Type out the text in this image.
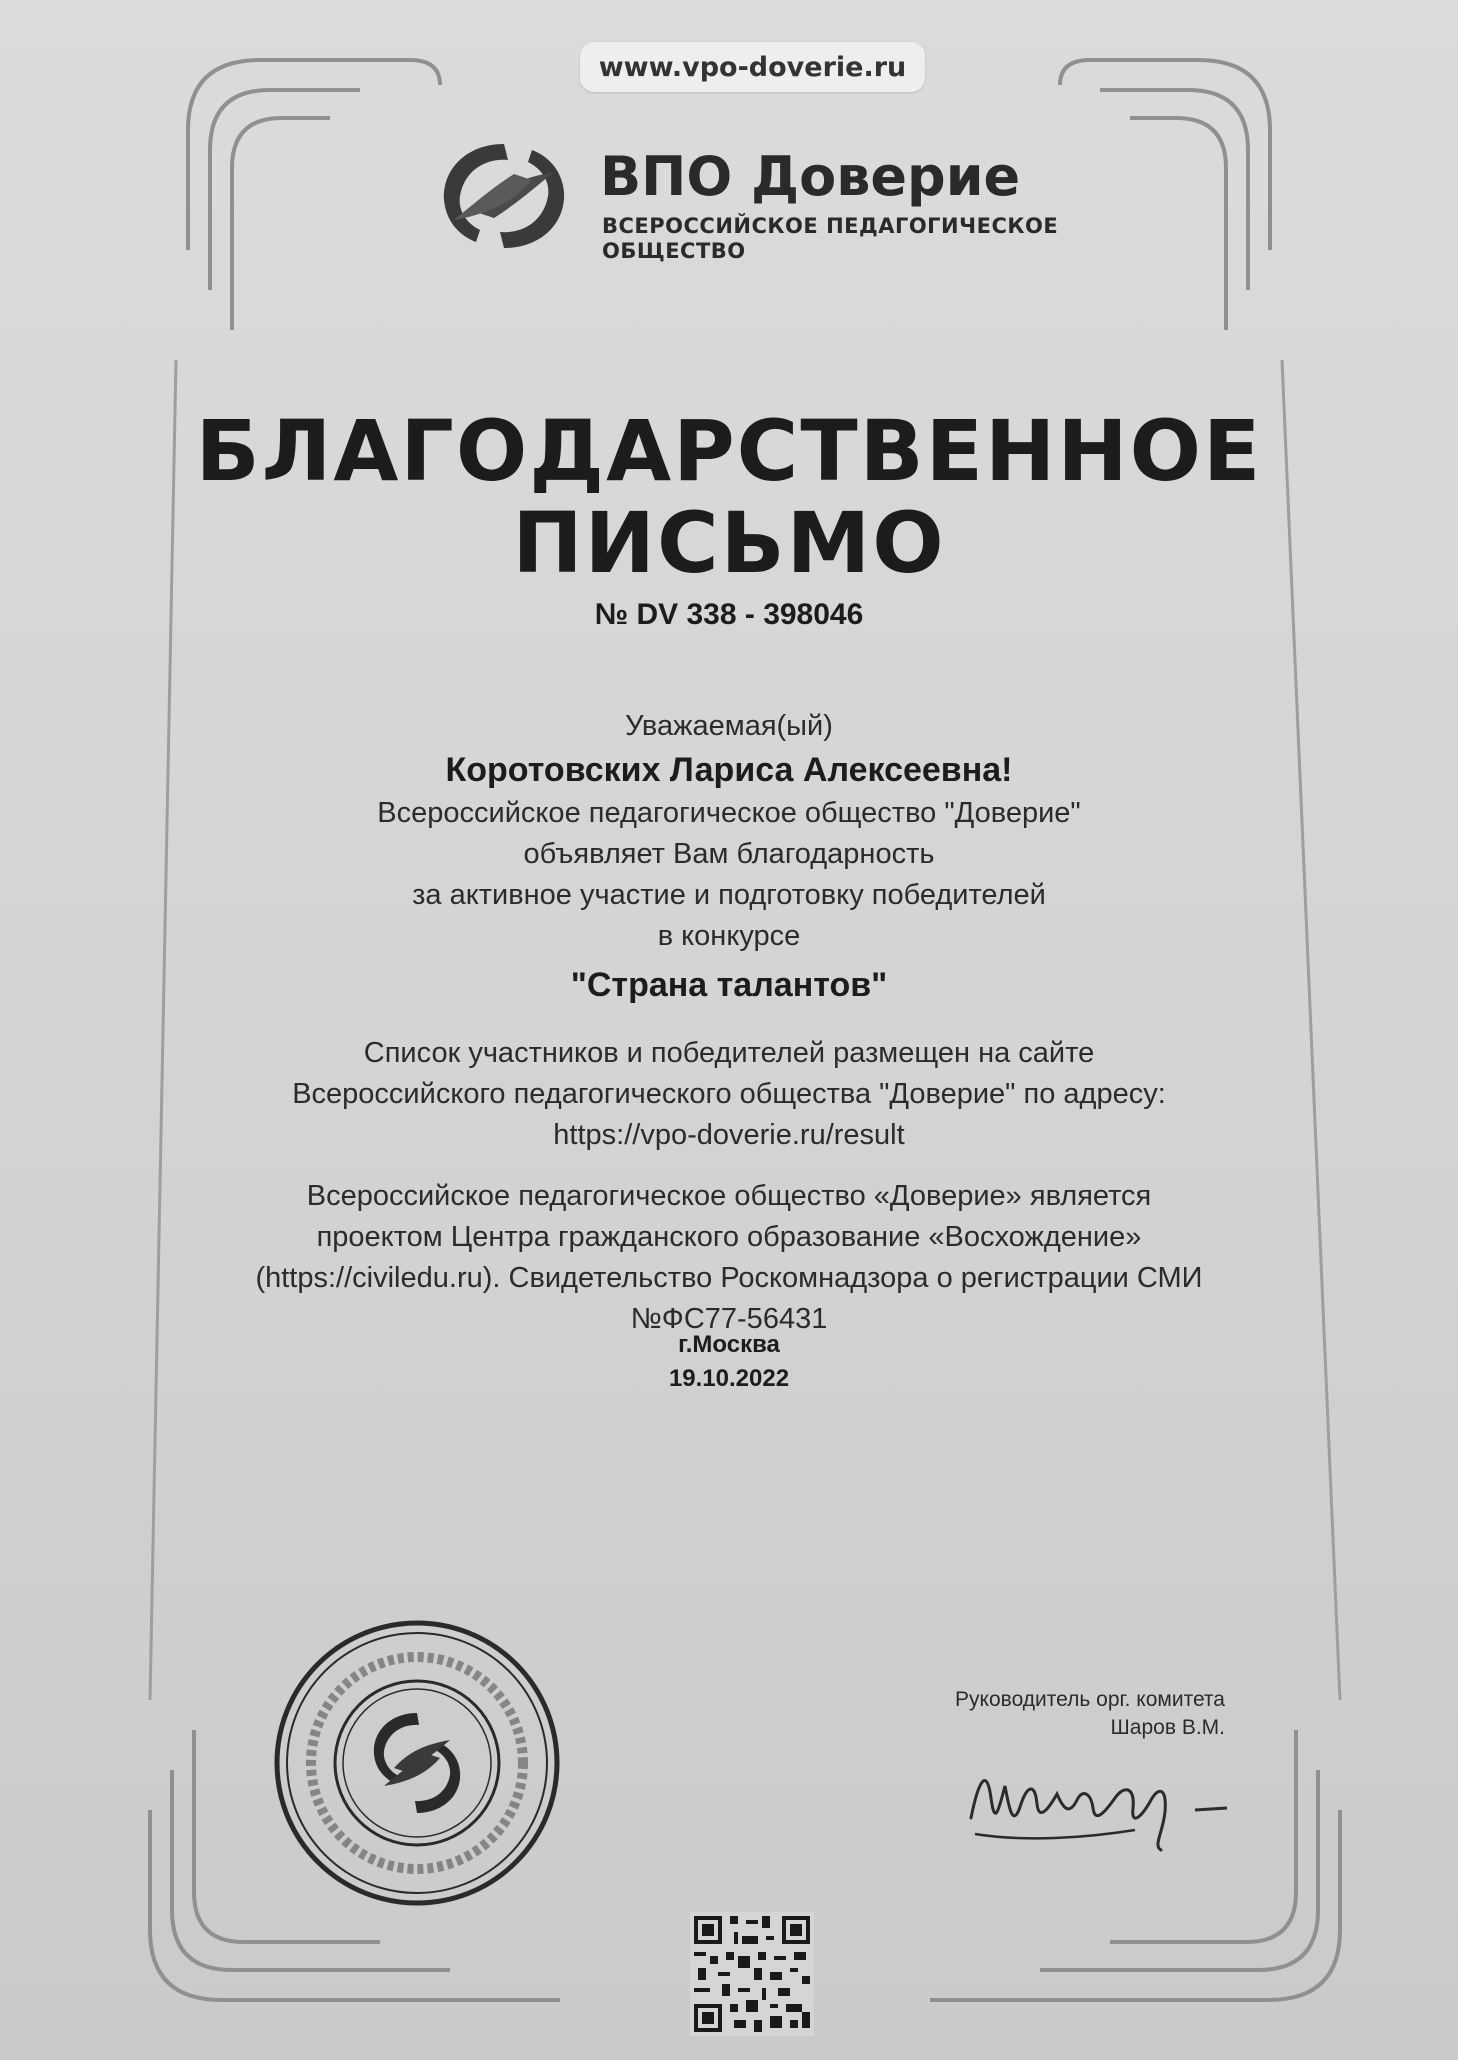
www.vpo-doverie.ru
ВПО Доверие
ВСЕРОССИЙСКОЕ ПЕДАГОГИЧЕСКОЕ
ОБЩЕСТВО
БЛАГОДАРСТВЕННОЕ
ПИСЬМО
№ DV 338 - 398046
Уважаемая(ый)
Коротовских Лариса Алексеевна!
Всероссийское педагогическое общество "Доверие"
объявляет Вам благодарность
за активное участие и подготовку победителей
в конкурсе
"Страна талантов"
Список участников и победителей размещен на сайте
Всероссийского педагогического общества "Доверие" по адресу:
https://vpo-doverie.ru/result
Всероссийское педагогическое общество «Доверие» является
проектом Центра гражданского образование «Восхождение»
(https://civiledu.ru). Свидетельство Роскомнадзора о регистрации СМИ
№ФС77-56431
г.Москва
19.10.2022
Руководитель орг. комитета
Шаров В.М.
